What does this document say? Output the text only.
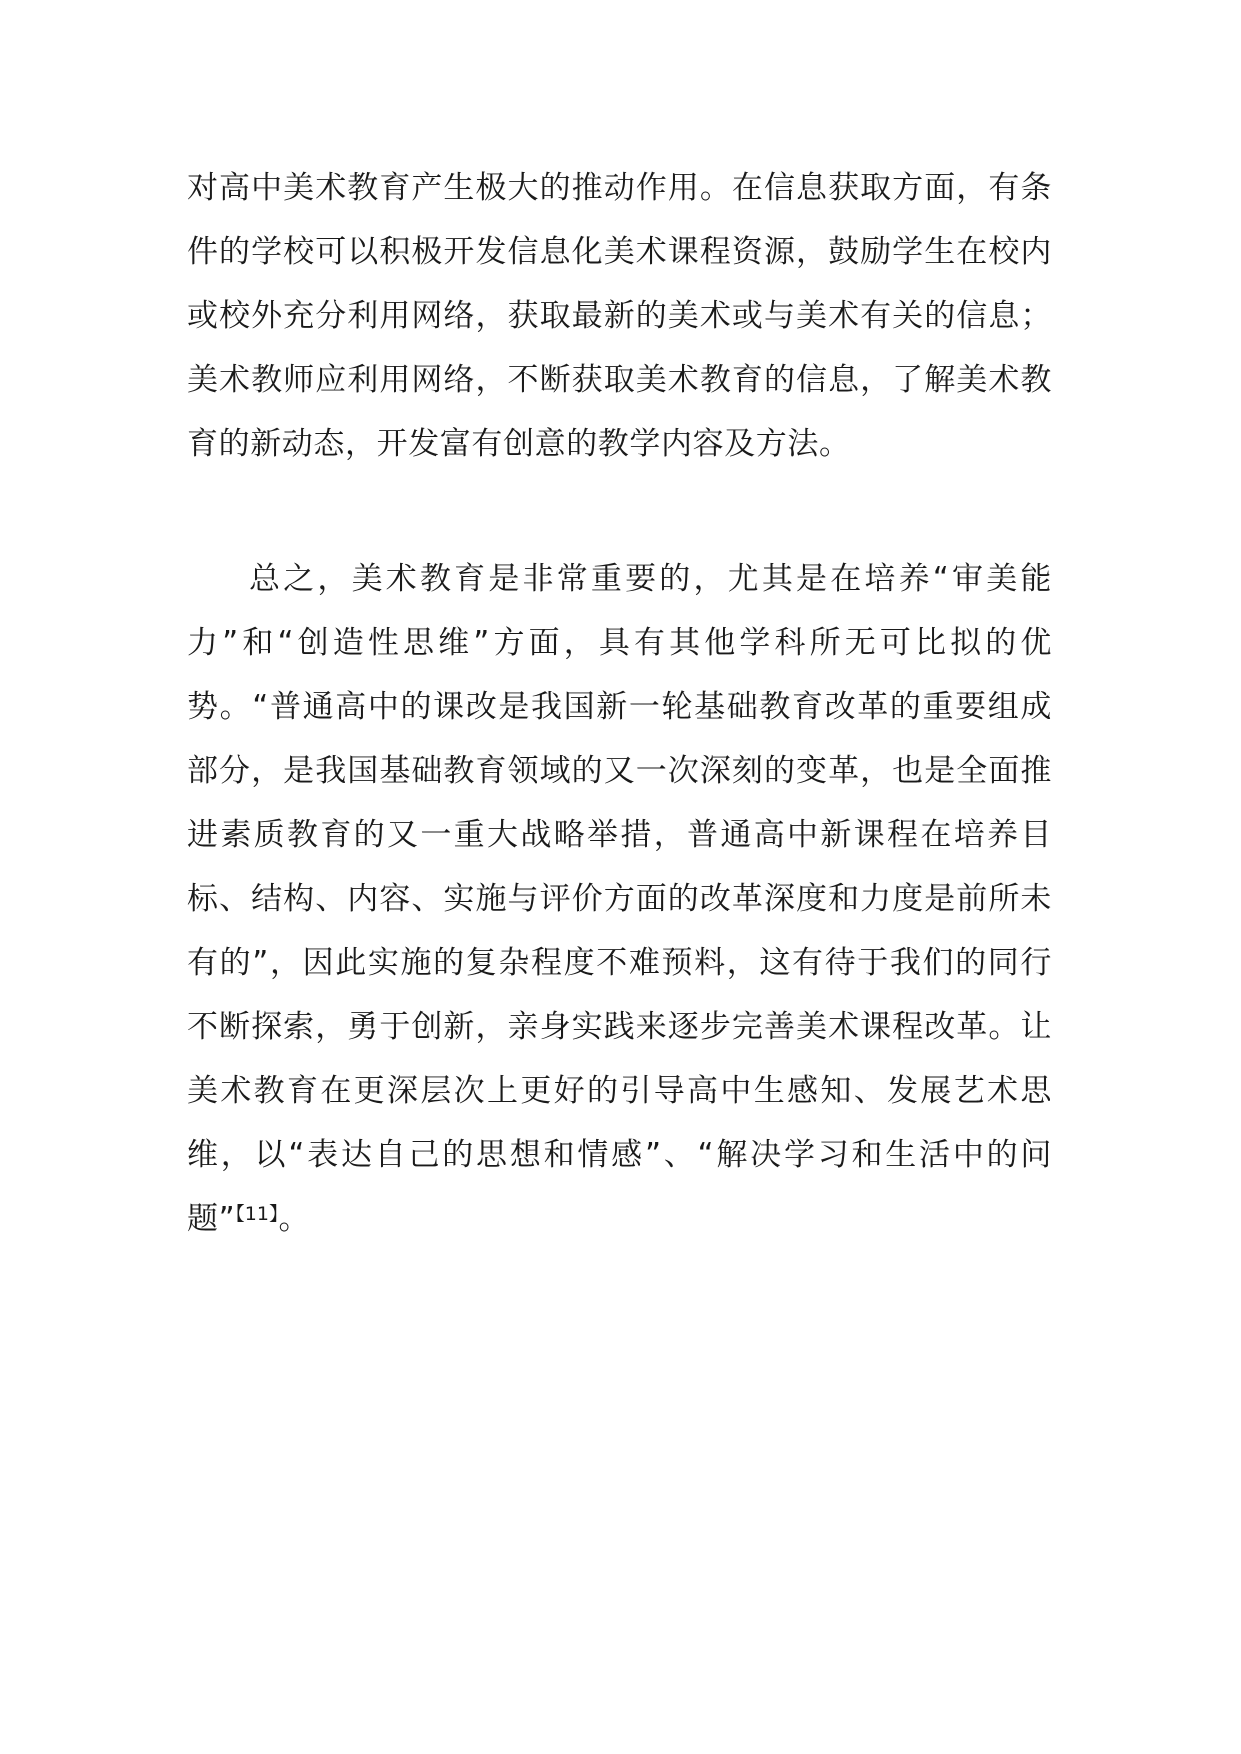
对高中美术教育产生极大的推动作用。在信息获取方面，有条件的学校可以积极开发信息化美术课程资源，鼓励学生在校内或校外充分利用网络，获取最新的美术或与美术有关的信息；美术教师应利用网络，不断获取美术教育的信息，了解美术教育的新动态，开发富有创意的教学内容及方法。

总之，美术教育是非常重要的，尤其是在培养“审美能力”和“创造性思维”方面，具有其他学科所无可比拟的优势。“普通高中的课改是我国新一轮基础教育改革的重要组成部分，是我国基础教育领域的又一次深刻的变革，也是全面推进素质教育的又一重大战略举措，普通高中新课程在培养目标、结构、内容、实施与评价方面的改革深度和力度是前所未有的”，因此实施的复杂程度不难预料，这有待于我们的同行不断探索，勇于创新，亲身实践来逐步完善美术课程改革。让美术教育在更深层次上更好的引导高中生感知、发展艺术思维，以“表达自己的思想和情感”、“解决学习和生活中的问题”$^{【11】}$。
